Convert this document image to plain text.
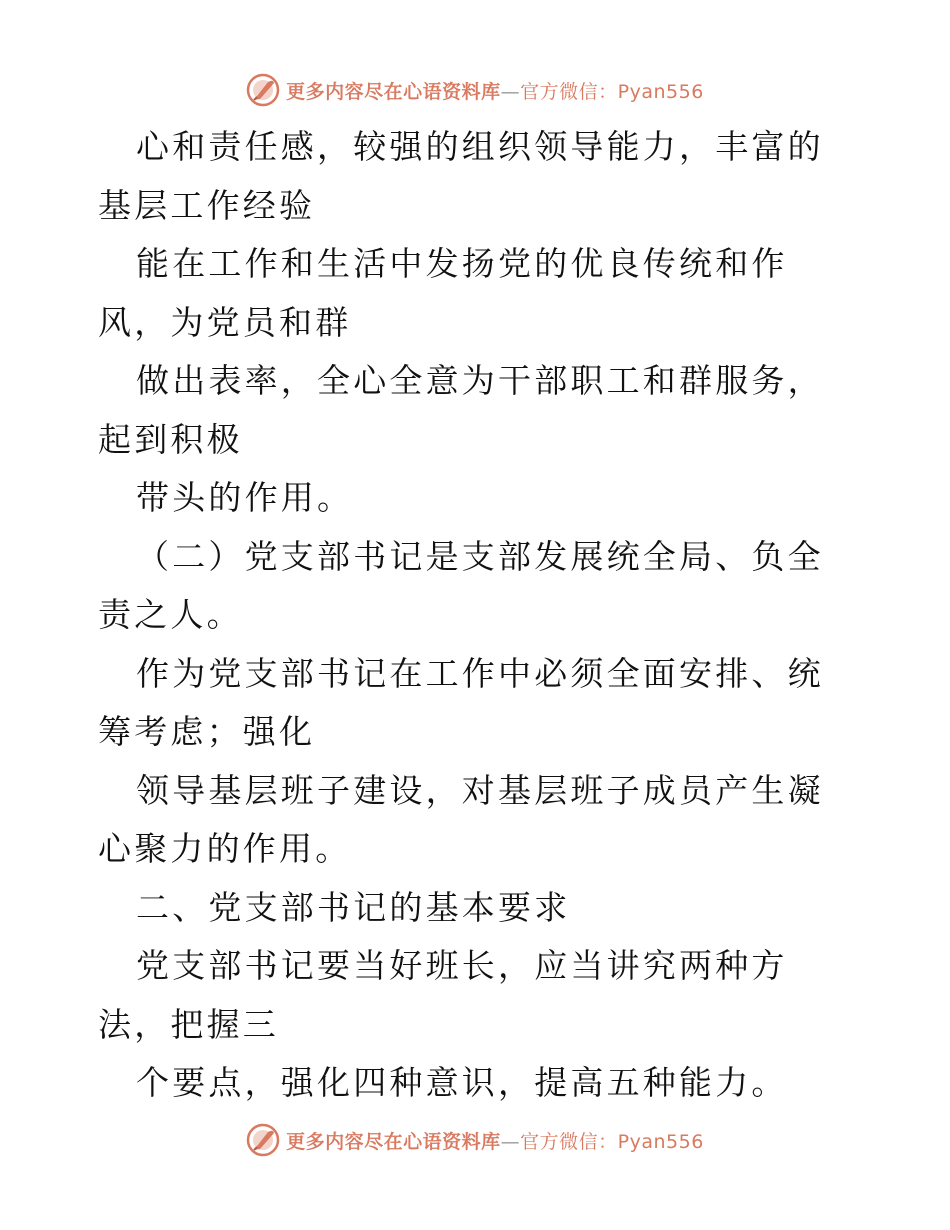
更多内容尽在心语资料库—官方微信：Pyan556

心和责任感，较强的组织领导能力，丰富的基层工作经验

能在工作和生活中发扬党的优良传统和作风，为党员和群

做出表率，全心全意为干部职工和群服务，起到积极

带头的作用。

（二）党支部书记是支部发展统全局、负全责之人。

作为党支部书记在工作中必须全面安排、统筹考虑；强化

领导基层班子建设，对基层班子成员产生凝心聚力的作用。

二、党支部书记的基本要求

党支部书记要当好班长，应当讲究两种方法，把握三

个要点，强化四种意识，提高五种能力。

更多内容尽在心语资料库—官方微信：Pyan556
